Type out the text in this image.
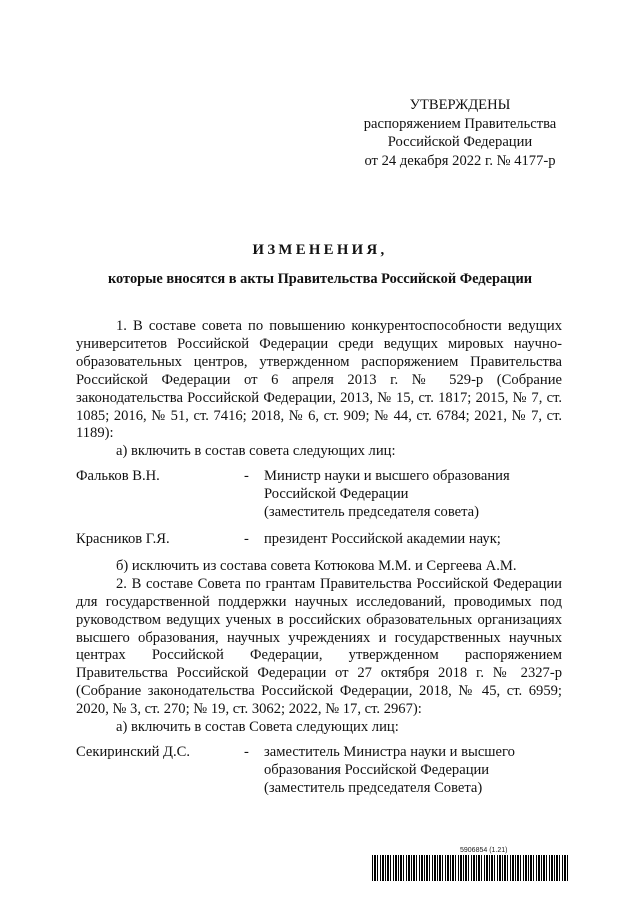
УТВЕРЖДЕНЫ
распоряжением Правительства
Российской Федерации
от 24 декабря 2022 г. № 4177-р
ИЗМЕНЕНИЯ,
которые вносятся в акты Правительства Российской Федерации

1. В составе совета по повышению конкурентоспособности ведущих университетов Российской Федерации среди ведущих мировых научно-образовательных центров, утвержденном распоряжением Правительства Российской Федерации от 6 апреля 2013 г. № 529-р (Собрание законодательства Российской Федерации, 2013, № 15, ст. 1817; 2015, № 7, ст. 1085; 2016, № 51, ст. 7416; 2018, № 6, ст. 909; № 44, ст. 6784; 2021, № 7, ст. 1189):

а) включить в состав совета следующих лиц:

Фальков В.Н.	- Министр науки и высшего образования
Российской Федерации
(заместитель председателя совета)
Красников Г.Я.	- президент Российской академии наук;

б) исключить из состава совета Котюкова М.М. и Сергеева А.М.

2. В составе Совета по грантам Правительства Российской Федерации для государственной поддержки научных исследований, проводимых под руководством ведущих ученых в российских образовательных организациях высшего образования, научных учреждениях и государственных научных центрах Российской Федерации, утвержденном распоряжением Правительства Российской Федерации от 27 октября 2018 г. № 2327-р (Собрание законодательства Российской Федерации, 2018, № 45, ст. 6959; 2020, № 3, ст. 270; № 19, ст. 3062; 2022, № 17, ст. 2967):

а) включить в состав Совета следующих лиц:

Секиринский Д.С.	- заместитель Министра науки и высшего
образования Российской Федерации
(заместитель председателя Совета)
5906854 (1.21)
